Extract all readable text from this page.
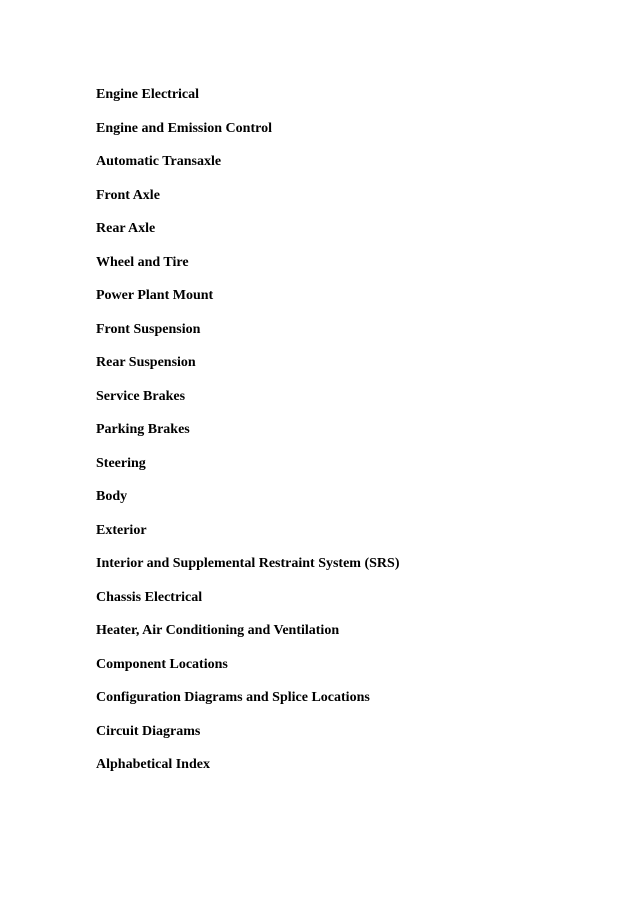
Engine Electrical
Engine and Emission Control
Automatic Transaxle
Front Axle
Rear Axle
Wheel and Tire
Power Plant Mount
Front Suspension
Rear Suspension
Service Brakes
Parking Brakes
Steering
Body
Exterior
Interior and Supplemental Restraint System (SRS)
Chassis Electrical
Heater, Air Conditioning and Ventilation
Component Locations
Configuration Diagrams and Splice Locations
Circuit Diagrams
Alphabetical Index
